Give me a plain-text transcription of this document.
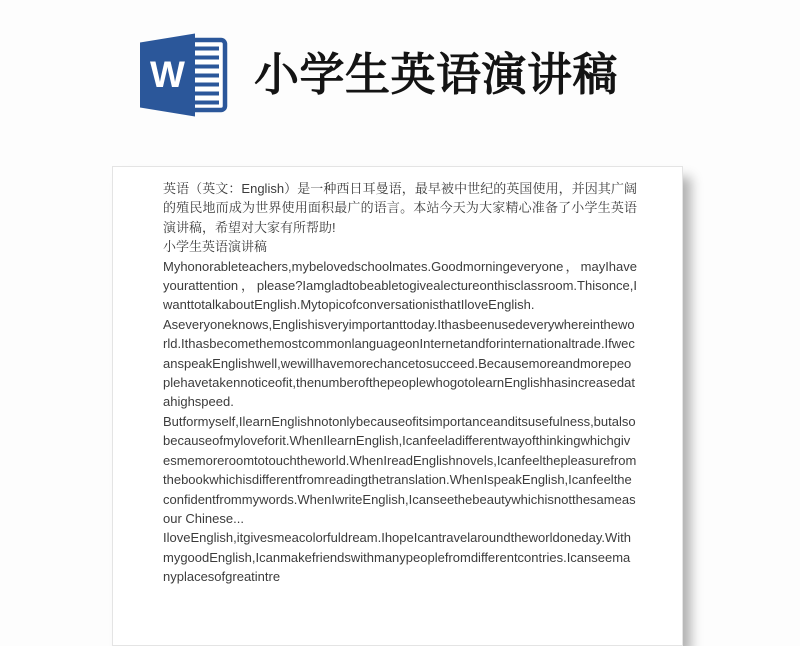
W 小学生英语演讲稿

英语（英文：English）是一种西日耳曼语，最早被中世纪的英国使用，并因其广阔的殖民地而成为世界使用面积最广的语言。本站今天为大家精心准备了小学生英语演讲稿，希望对大家有所帮助!

小学生英语演讲稿

Myhonorableteachers,mybelovedschoolmates.Goodmorningeveryone，mayIhaveyourattention，please?Iamgladtobeabletogivealectureonthisclassroom.Thisonce,IwanttotalkaboutEnglish.MytopicofconversationisthatIloveEnglish.

Aseveryoneknows,Englishisveryimportanttoday.Ithasbeenusedeverywhereintheworld.IthasbecomethemostcommonlanguageonInternetandforinternationaltrade.IfwecanspeakEnglishwell,wewillhavemorechancetosucceed.Becausemoreandmorepeoplehavetakennoticeofit,thenumberofthepeoplewhogotolearnEnglishhasincreasedatahighspeed.

Butformyself,IlearnEnglishnotonlybecauseofitsimportanceanditsusefulness,butalsobecauseofmyloveforit.WhenIlearnEnglish,Icanfeeladifferentwayofthinkingwhichgivesmemoreroomtotouchtheworld.WhenIreadEnglishnovels,Icanfeelthepleasurefromthebookwhichisdifferentfromreadingthetranslation.WhenIspeakEnglish,Icanfeeltheconfidentfrommywords.WhenIwriteEnglish,Icanseethebeautywhichisnotthesameasour Chinese...

IloveEnglish,itgivesmeacolorfuldream.IhopeIcantravelaroundtheworldoneday.WithmygoodEnglish,Icanmakefriendswithmanypeoplefromdifferentcontries.Icanseemanyplacesofgreatintre
